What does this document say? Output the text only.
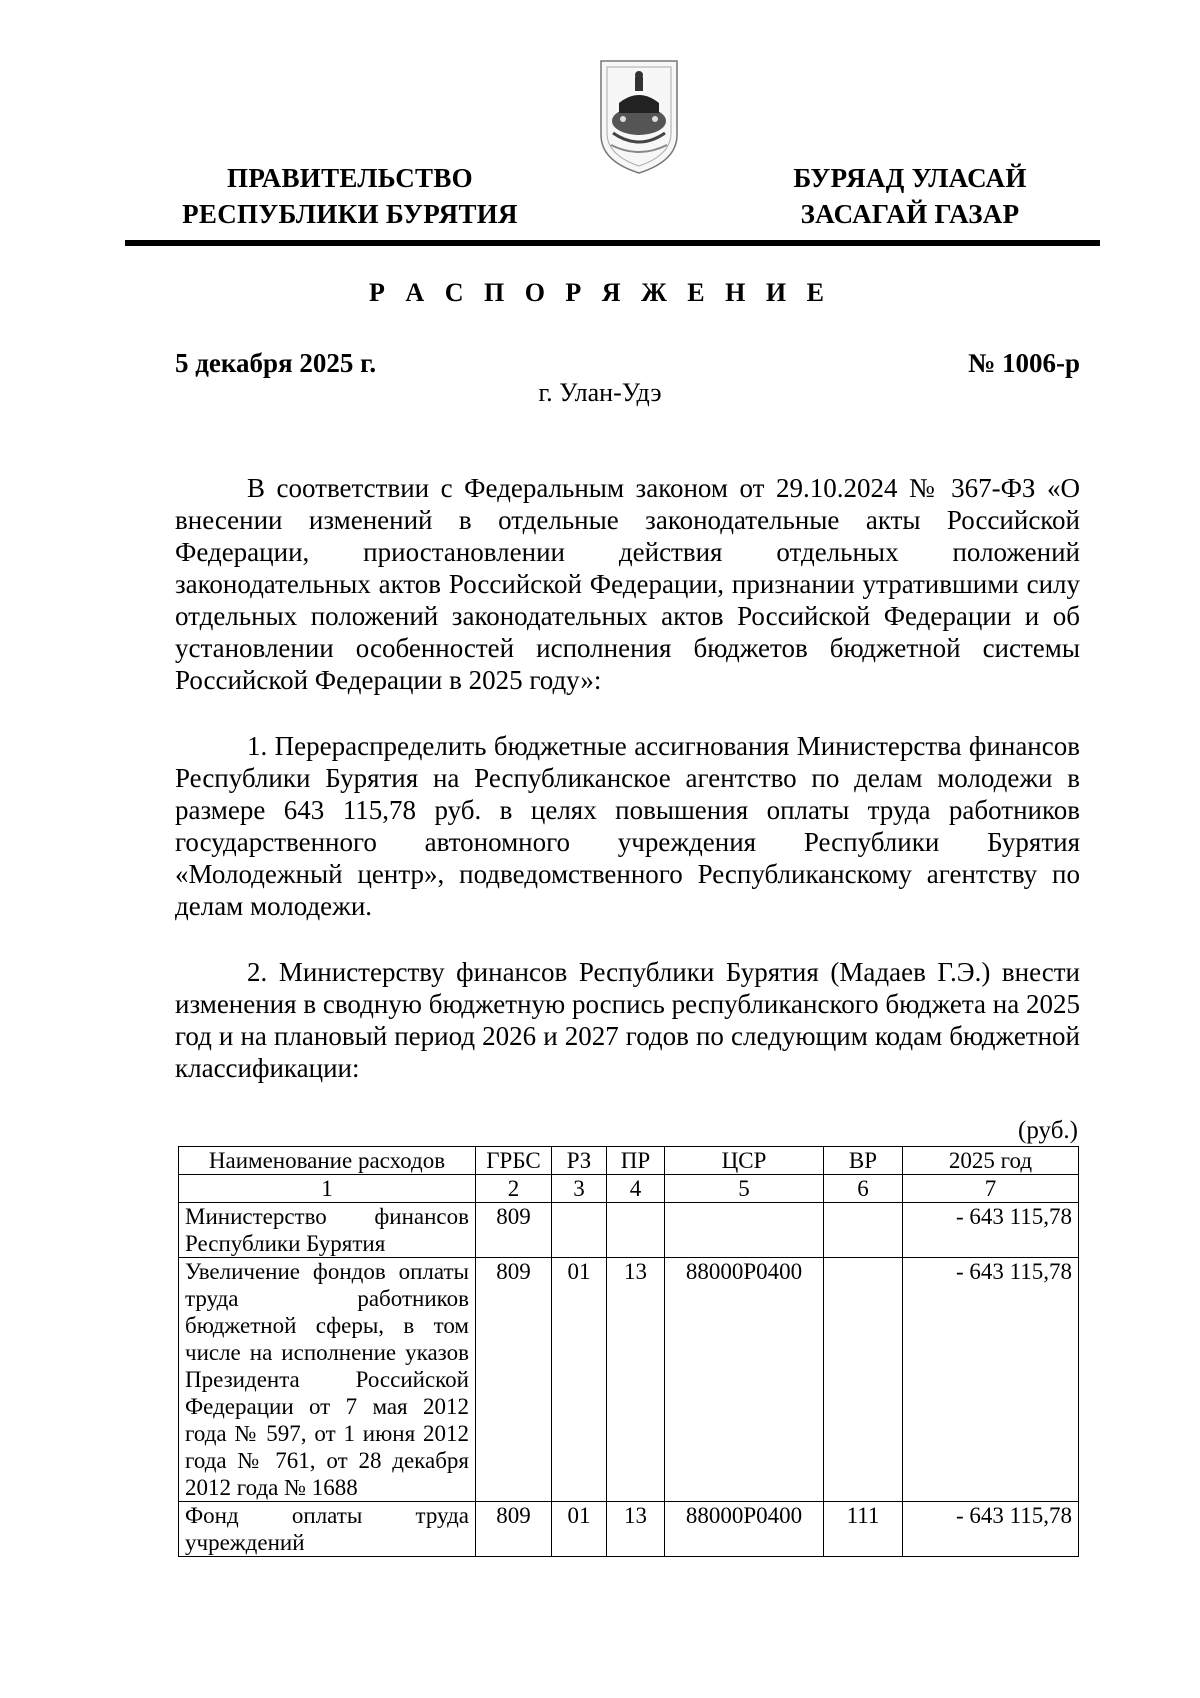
ПРАВИТЕЛЬСТВО
РЕСПУБЛИКИ БУРЯТИЯ
БУРЯАД УЛАСАЙ
ЗАСАГАЙ ГАЗАР
Р А С П О Р Я Ж Е Н И Е
5 декабря 2025 г.	№ 1006-р
г. Улан-Удэ

В соответствии с Федеральным законом от 29.10.2024 № 367-ФЗ «О внесении изменений в отдельные законодательные акты Российской Федерации, приостановлении действия отдельных положений законодательных актов Российской Федерации, признании утратившими силу отдельных положений законодательных актов Российской Федерации и об установлении особенностей исполнения бюджетов бюджетной системы Российской Федерации в 2025 году»:

1. Перераспределить бюджетные ассигнования Министерства финансов Республики Бурятия на Республиканское агентство по делам молодежи в размере 643 115,78 руб. в целях повышения оплаты труда работников государственного автономного учреждения Республики Бурятия «Молодежный центр», подведомственного Республиканскому агентству по делам молодежи.

2. Министерству финансов Республики Бурятия (Мадаев Г.Э.) внести изменения в сводную бюджетную роспись республиканского бюджета на 2025 год и на плановый период 2026 и 2027 годов по следующим кодам бюджетной классификации:

(руб.)
Наименование расходов	ГРБС	РЗ	ПР	ЦСР	ВР	2025 год
1	2	3	4	5	6	7
Министерство финансов Республики Бурятия	809					- 643 115,78
Увеличение фондов оплаты труда работников бюджетной сферы, в том числе на исполнение указов Президента Российской Федерации от 7 мая 2012 года № 597, от 1 июня 2012 года № 761, от 28 декабря 2012 года № 1688	809	01	13	88000Р0400		- 643 115,78
Фонд оплаты труда учреждений	809	01	13	88000Р0400	111	- 643 115,78
